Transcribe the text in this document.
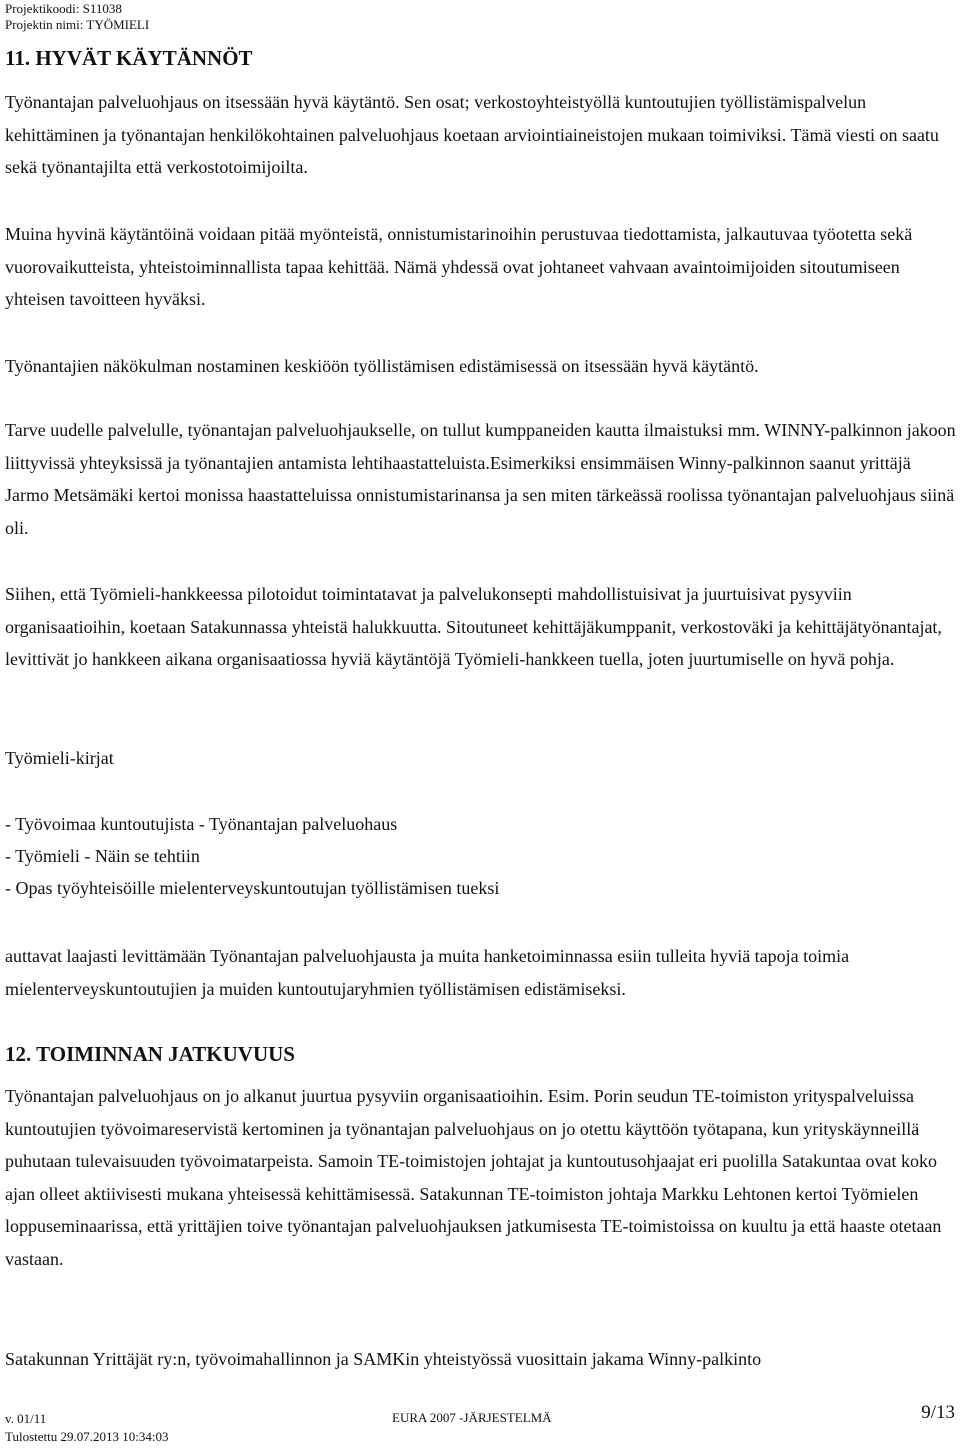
Projektikoodi: S11038
Projektin nimi: TYÖMIELI
11. HYVÄT KÄYTÄNNÖT

Työnantajan palveluohjaus on itsessään hyvä käytäntö. Sen osat; verkostoyhteistyöllä kuntoutujien työllistämispalvelun kehittäminen ja työnantajan henkilökohtainen palveluohjaus koetaan arviointiaineistojen mukaan toimiviksi. Tämä viesti on saatu sekä työnantajilta että verkostotoimijoilta.

Muina hyvinä käytäntöinä voidaan pitää myönteistä, onnistumistarinoihin perustuvaa tiedottamista, jalkautuvaa työotetta sekä vuorovaikutteista, yhteistoiminnallista tapaa kehittää. Nämä yhdessä ovat johtaneet vahvaan avaintoimijoiden sitoutumiseen yhteisen tavoitteen hyväksi.

Työnantajien näkökulman nostaminen keskiöön työllistämisen edistämisessä on itsessään hyvä käytäntö.

Tarve uudelle palvelulle, työnantajan palveluohjaukselle, on tullut kumppaneiden kautta ilmaistuksi mm. WINNY-palkinnon jakoon liittyvissä yhteyksissä ja työnantajien antamista lehtihaastatteluista.Esimerkiksi ensimmäisen Winny-palkinnon saanut yrittäjä Jarmo Metsämäki kertoi monissa haastatteluissa onnistumistarinansa ja sen miten tärkeässä roolissa työnantajan palveluohjaus siinä oli.

Siihen, että Työmieli-hankkeessa pilotoidut toimintatavat ja palvelukonsepti mahdollistuisivat ja juurtuisivat pysyviin organisaatioihin, koetaan Satakunnassa yhteistä halukkuutta. Sitoutuneet kehittäjäkumppanit, verkostoväki ja kehittäjätyönantajat, levittivät jo hankkeen aikana organisaatiossa hyviä käytäntöjä Työmieli-hankkeen tuella, joten juurtumiselle on hyvä pohja.

Työmieli-kirjat

- Työvoimaa kuntoutujista - Työnantajan palveluohaus

- Työmieli - Näin se tehtiin

- Opas työyhteisöille mielenterveyskuntoutujan työllistämisen tueksi

auttavat laajasti levittämään Työnantajan palveluohjausta ja muita hanketoiminnassa esiin tulleita hyviä tapoja toimia mielenterveyskuntoutujien ja muiden kuntoutujaryhmien työllistämisen edistämiseksi.

12. TOIMINNAN JATKUVUUS

Työnantajan palveluohjaus on jo alkanut juurtua pysyviin organisaatioihin. Esim. Porin seudun TE-toimiston yrityspalveluissa kuntoutujien työvoimareservistä kertominen ja työnantajan palveluohjaus on jo otettu käyttöön työtapana, kun yrityskäynneillä puhutaan tulevaisuuden työvoimatarpeista. Samoin TE-toimistojen johtajat ja kuntoutusohjaajat eri puolilla Satakuntaa ovat koko ajan olleet aktiivisesti mukana yhteisessä kehittämisessä. Satakunnan TE-toimiston johtaja Markku Lehtonen kertoi Työmielen loppuseminaarissa, että yrittäjien toive työnantajan palveluohjauksen jatkumisesta TE-toimistoissa on kuultu ja että haaste otetaan vastaan.

Satakunnan Yrittäjät ry:n, työvoimahallinnon ja SAMKin yhteistyössä vuosittain jakama Winny-palkinto

v. 01/11
Tulostettu 29.07.2013 10:34:03
EURA 2007 -JÄRJESTELMÄ	9/13
